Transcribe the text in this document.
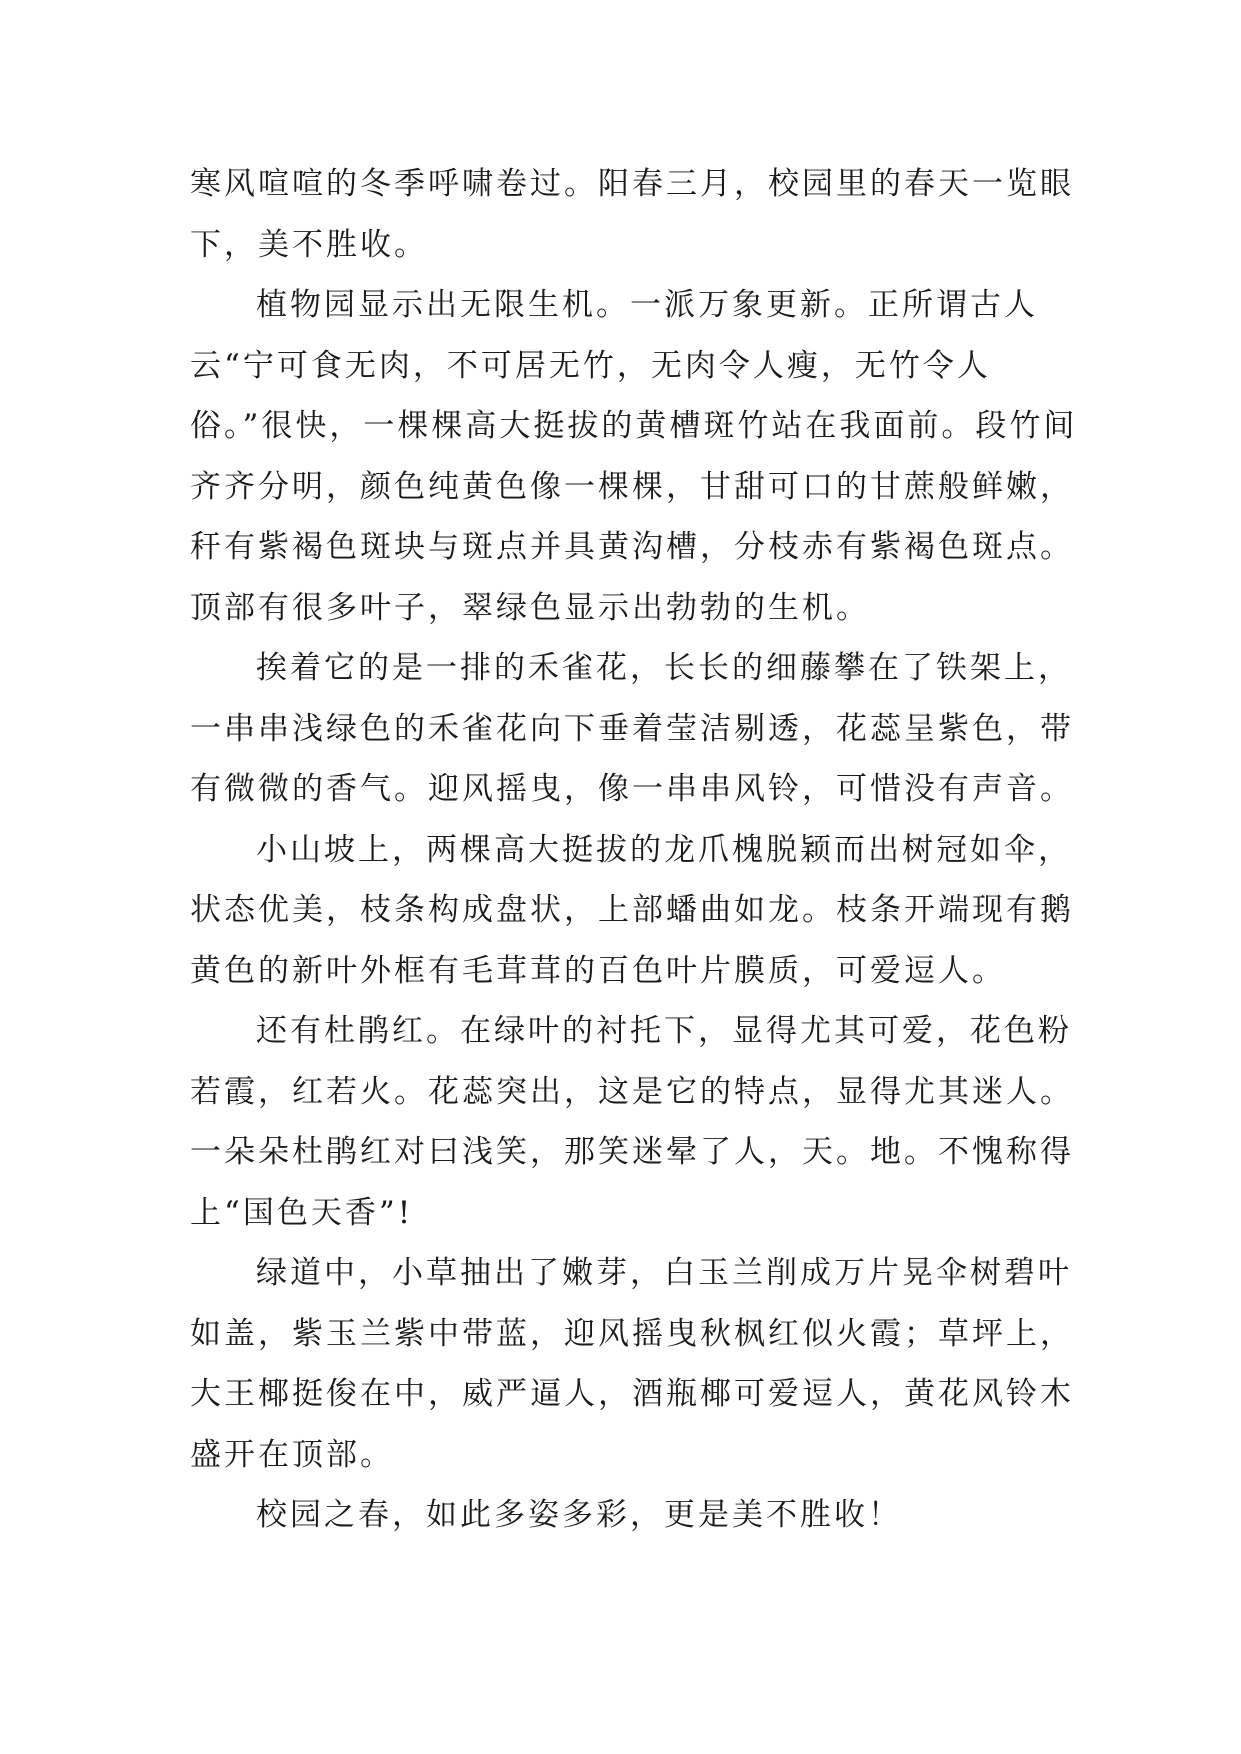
寒风喧喧的冬季呼啸卷过。阳春三月，校园里的春天一览眼下，美不胜收。

植物园显示出无限生机。一派万象更新。正所谓古人云“宁可食无肉，不可居无竹，无肉令人瘦，无竹令人俗。”很快，一棵棵高大挺拔的黄槽斑竹站在我面前。段竹间齐齐分明，颜色纯黄色像一棵棵，甘甜可口的甘蔗般鲜嫩，秆有紫褐色斑块与斑点并具黄沟槽，分枝赤有紫褐色斑点。顶部有很多叶子，翠绿色显示出勃勃的生机。

挨着它的是一排的禾雀花，长长的细藤攀在了铁架上，一串串浅绿色的禾雀花向下垂着莹洁剔透，花蕊呈紫色，带有微微的香气。迎风摇曳，像一串串风铃，可惜没有声音。

小山坡上，两棵高大挺拔的龙爪槐脱颖而出树冠如伞，状态优美，枝条构成盘状，上部蟠曲如龙。枝条开端现有鹅黄色的新叶外框有毛茸茸的百色叶片膜质，可爱逗人。

还有杜鹃红。在绿叶的衬托下，显得尤其可爱，花色粉若霞，红若火。花蕊突出，这是它的特点，显得尤其迷人。一朵朵杜鹃红对曰浅笑，那笑迷晕了人，天。地。不愧称得上“国色天香”!

绿道中，小草抽出了嫩芽，白玉兰削成万片晃伞树碧叶如盖，紫玉兰紫中带蓝，迎风摇曳秋枫红似火霞；草坪上，大王椰挺俊在中，威严逼人，酒瓶椰可爱逗人，黄花风铃木盛开在顶部。

校园之春，如此多姿多彩，更是美不胜收！
